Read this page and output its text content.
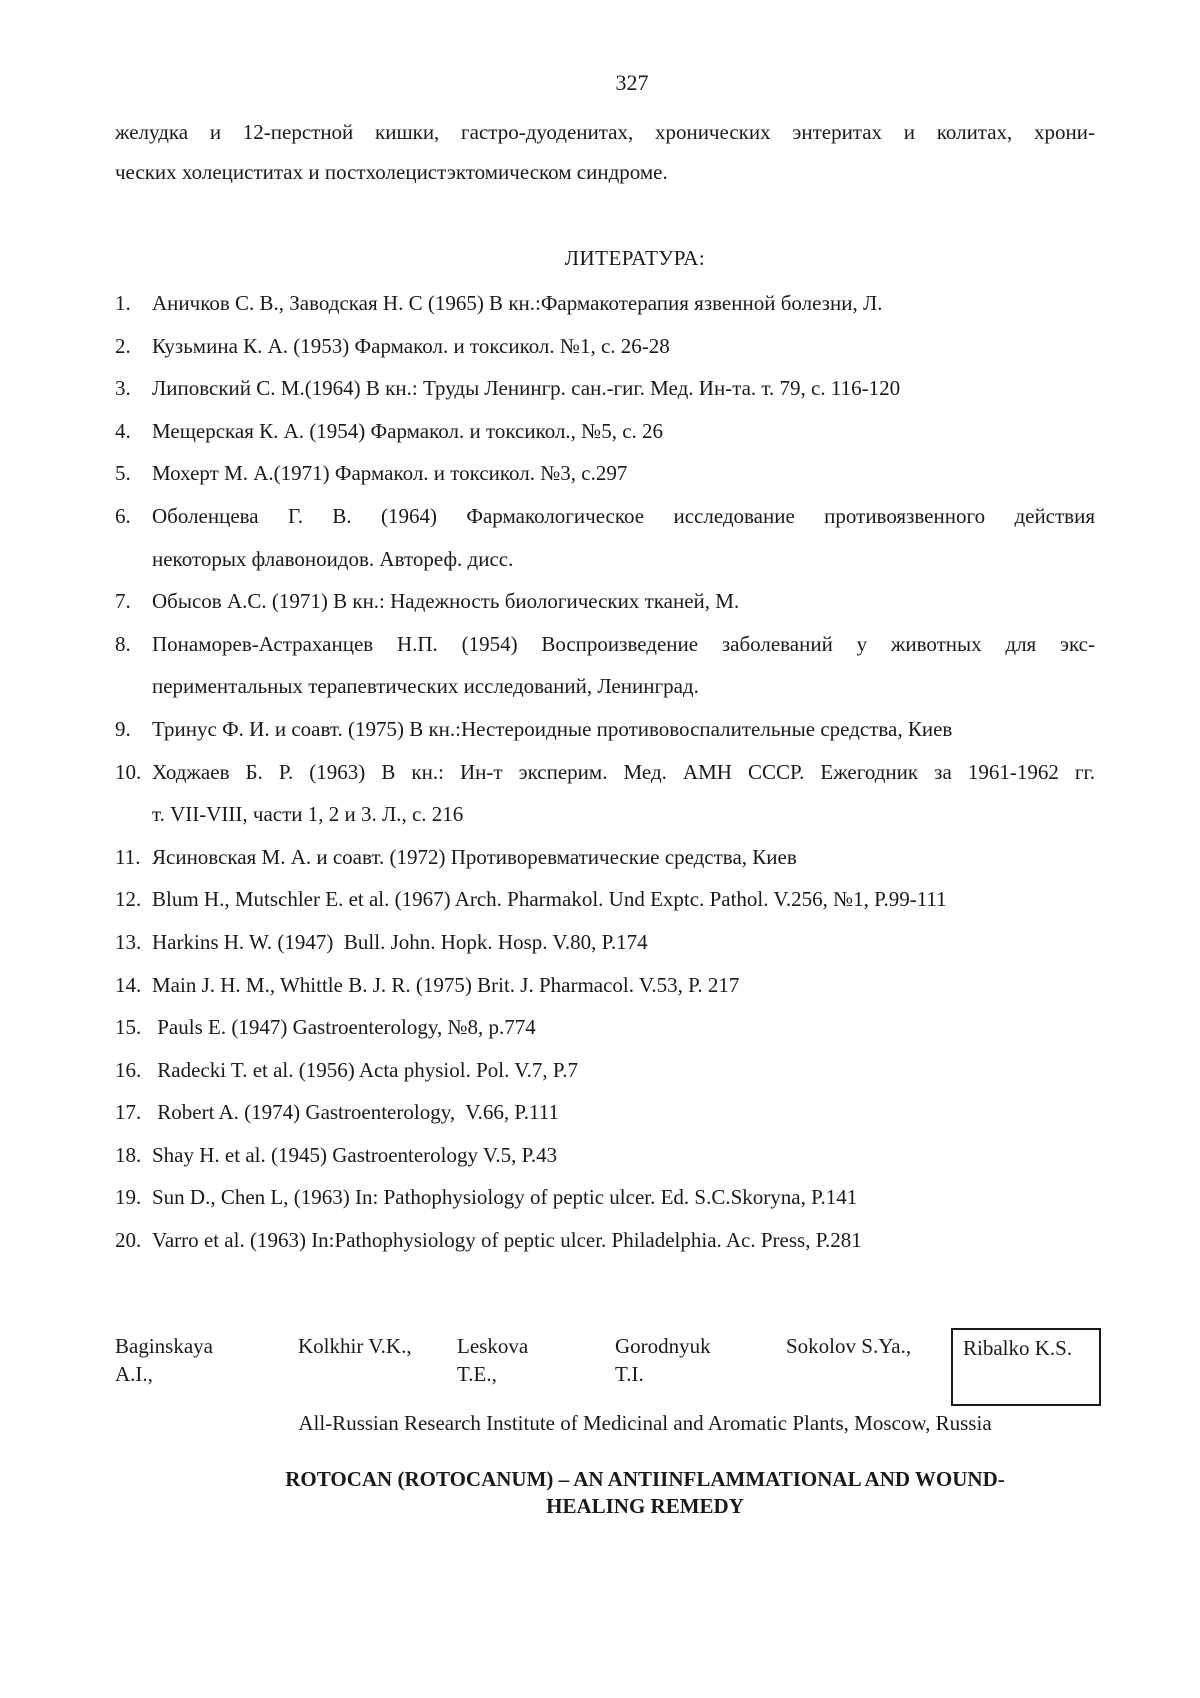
327
желудка и 12-перстной кишки, гастро-дуоденитах, хронических энтеритах и колитах, хрони-
ческих холециститах и постхолецистэктомическом синдроме.
ЛИТЕРАТУРА:
1.	Аничков С. В., Заводская Н. С (1965) В кн.:Фармакотерапия язвенной болезни, Л.
2.	Кузьмина К. А. (1953) Фармакол. и токсикол. №1, с. 26-28
3.	Липовский С. М.(1964) В кн.: Труды Ленингр. сан.-гиг. Мед. Ин-та. т. 79, с. 116-120
4.	Мещерская К. А. (1954) Фармакол. и токсикол., №5, с. 26
5.	Мохерт М. А.(1971) Фармакол. и токсикол. №3, с.297
6.	Оболенцева Г. В. (1964) Фармакологическое исследование противоязвенного действия
некоторых флавоноидов. Автореф. дисс.
7.	Обысов А.С. (1971) В кн.: Надежность биологических тканей, М.
8.	Понаморев-Астраханцев Н.П. (1954) Воспроизведение заболеваний у животных для экс-
периментальных терапевтических исследований, Ленинград.
9.	Тринус Ф. И. и соавт. (1975) В кн.:Нестероидные противовоспалительные средства, Киев
10. Ходжаев Б. Р. (1963) В кн.: Ин-т эксперим. Мед. АМН СССР. Ежегодник за 1961-1962 гг.
т. VII-VIII, части 1, 2 и 3. Л., с. 216
11. Ясиновская М. А. и соавт. (1972) Противоревматические средства, Киев
12. Blum H., Mutschler E. et al. (1967) Arch. Pharmakol. Und Exptc. Pathol. V.256, №1, P.99-111
13. Harkins H. W. (1947)  Bull. John. Hopk. Hosp. V.80, P.174
14. Main J. H. M., Whittle B. J. R. (1975) Brit. J. Pharmacol. V.53, P. 217
15. Pauls E. (1947) Gastroenterology, №8, p.774
16. Radecki T. et al. (1956) Acta physiol. Pol. V.7, P.7
17. Robert A. (1974) Gastroenterology,  V.66, P.111
18. Shay H. et al. (1945) Gastroenterology V.5, P.43
19. Sun D., Chen L, (1963) In: Pathophysiology of peptic ulcer. Ed. S.C.Skoryna, P.141
20. Varro et al. (1963) In:Pathophysiology of peptic ulcer. Philadelphia. Ac. Press, P.281
Baginskaya
A.I.,
Kolkhir V.K., Leskova
T.E.,
Gorodnyuk
T.I.
Sokolov S.Ya., Ribalko K.S.
All-Russian Research Institute of Medicinal and Aromatic Plants, Moscow, Russia
ROTOCAN (ROTOCANUM) – AN ANTIINFLAMMATIONAL AND WOUND-
HEALING REMEDY
